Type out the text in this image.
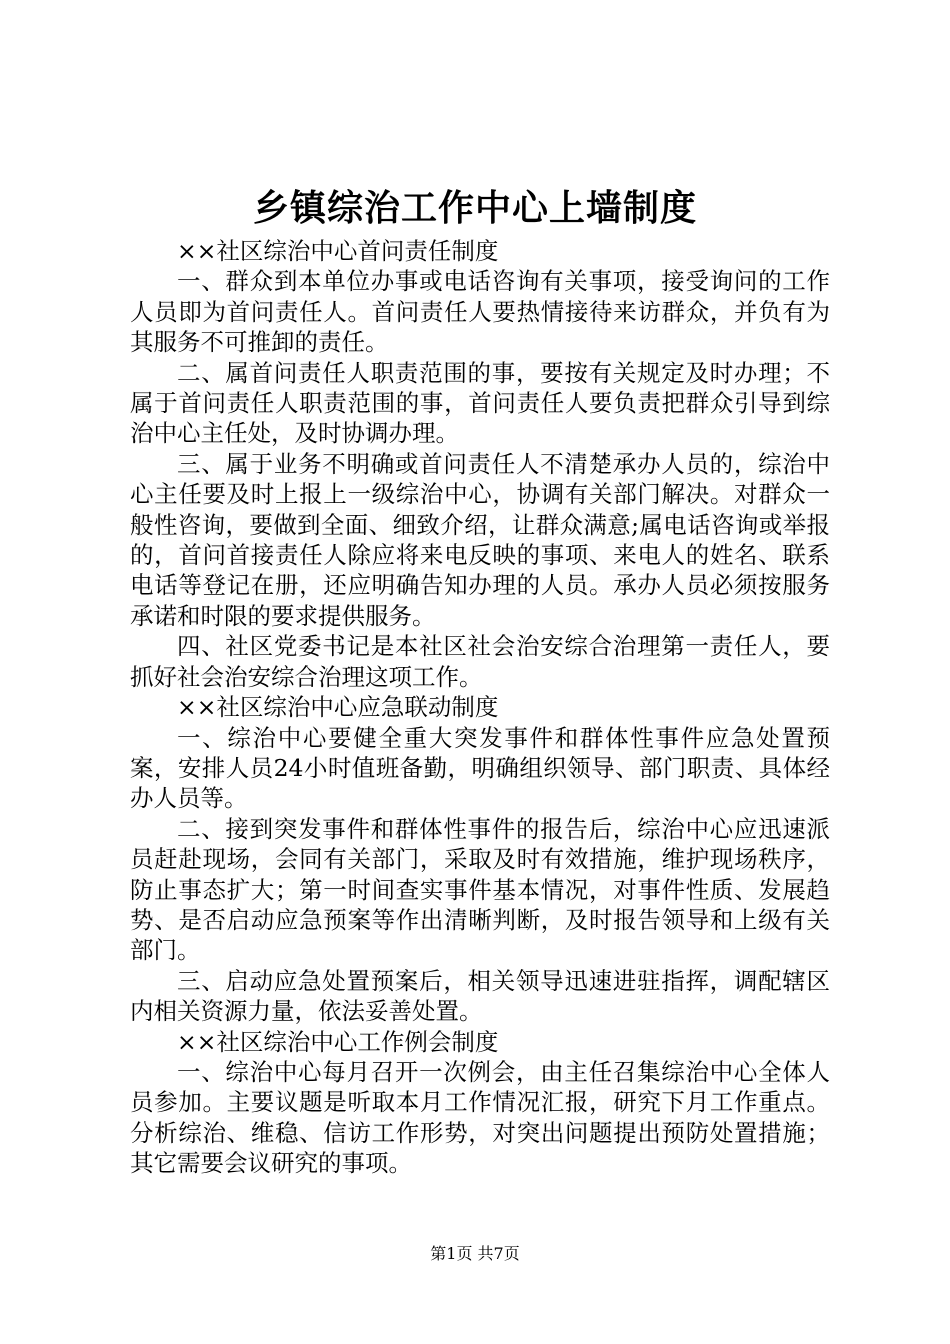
乡镇综治工作中心上墙制度

××社区综治中心首问责任制度

一、群众到本单位办事或电话咨询有关事项，接受询问的工作人员即为首问责任人。首问责任人要热情接待来访群众，并负有为其服务不可推卸的责任。

二、属首问责任人职责范围的事，要按有关规定及时办理；不属于首问责任人职责范围的事，首问责任人要负责把群众引导到综治中心主任处，及时协调办理。

三、属于业务不明确或首问责任人不清楚承办人员的，综治中心主任要及时上报上一级综治中心，协调有关部门解决。对群众一般性咨询，要做到全面、细致介绍，让群众满意;属电话咨询或举报的，首问首接责任人除应将来电反映的事项、来电人的姓名、联系电话等登记在册，还应明确告知办理的人员。承办人员必须按服务承诺和时限的要求提供服务。

四、社区党委书记是本社区社会治安综合治理第一责任人，要抓好社会治安综合治理这项工作。

××社区综治中心应急联动制度

一、综治中心要健全重大突发事件和群体性事件应急处置预案，安排人员24小时值班备勤，明确组织领导、部门职责、具体经办人员等。

二、接到突发事件和群体性事件的报告后，综治中心应迅速派员赶赴现场，会同有关部门，采取及时有效措施，维护现场秩序，防止事态扩大；第一时间查实事件基本情况，对事件性质、发展趋势、是否启动应急预案等作出清晰判断，及时报告领导和上级有关部门。

三、启动应急处置预案后，相关领导迅速进驻指挥，调配辖区内相关资源力量，依法妥善处置。

××社区综治中心工作例会制度

一、综治中心每月召开一次例会，由主任召集综治中心全体人员参加。主要议题是听取本月工作情况汇报，研究下月工作重点。分析综治、维稳、信访工作形势，对突出问题提出预防处置措施；其它需要会议研究的事项。

第1页 共7页
